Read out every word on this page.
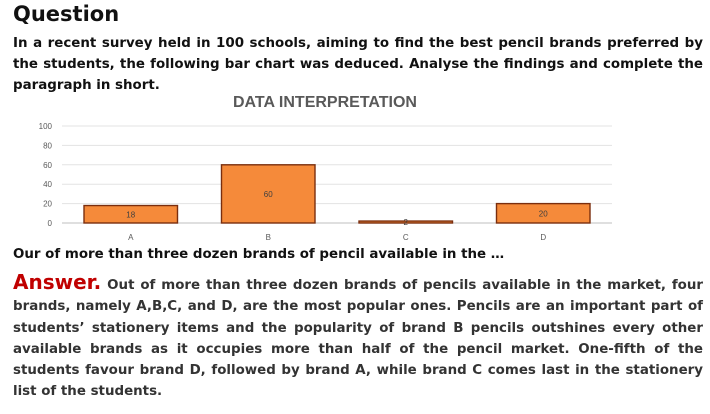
Question
In a recent survey held in 100 schools, aiming to find the best pencil brands preferred by the students, the following bar chart was deduced. Analyse the findings and complete the paragraph in short.
DATA INTERPRETATION
0
20
40
60
80
100
18
60
2
20
A	B	C	D
Our of more than three dozen brands of pencil available in the …
Answer. Out of more than three dozen brands of pencils available in the market, four brands, namely A,B,C, and D, are the most popular ones. Pencils are an important part of students’ stationery items and the popularity of brand B pencils outshines every other available brands as it occupies more than half of the pencil market. One-fifth of the students favour brand D, followed by brand A, while brand C comes last in the stationery list of the students.
